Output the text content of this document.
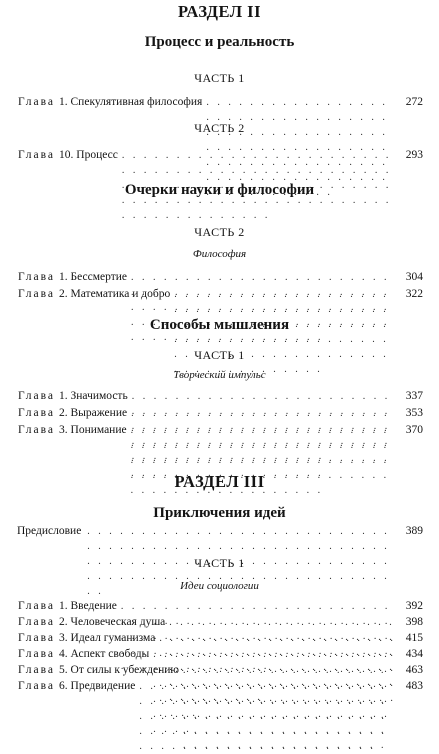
РАЗДЕЛ II
Процесс и реальность
ЧАСТЬ 1
Глава 1. Спекулятивная философия . . .	272
ЧАСТЬ 2
Глава 10. Процесс . . .	293
Очерки науки и философии
ЧАСТЬ 2
Философия
Глава 1. Бессмертие . . .	304
Глава 2. Математика и добро . . .	322
Способы мышления
ЧАСТЬ 1
Творческий импульс
Глава 1. Значимость . . .	337
Глава 2. Выражение . . .	353
Глава 3. Понимание . . .	370
РАЗДЕЛ III
Приключения идей
Предисловие . . .	389
ЧАСТЬ 1
Идеи социологии
Глава 1. Введение . . .	392
Глава 2. Человеческая душа . . .	398
Глава 3. Идеал гуманизма . . .	415
Глава 4. Аспект свободы . . .	434
Глава 5. От силы к убеждению . . .	463
Глава 6. Предвидение . . .	483
